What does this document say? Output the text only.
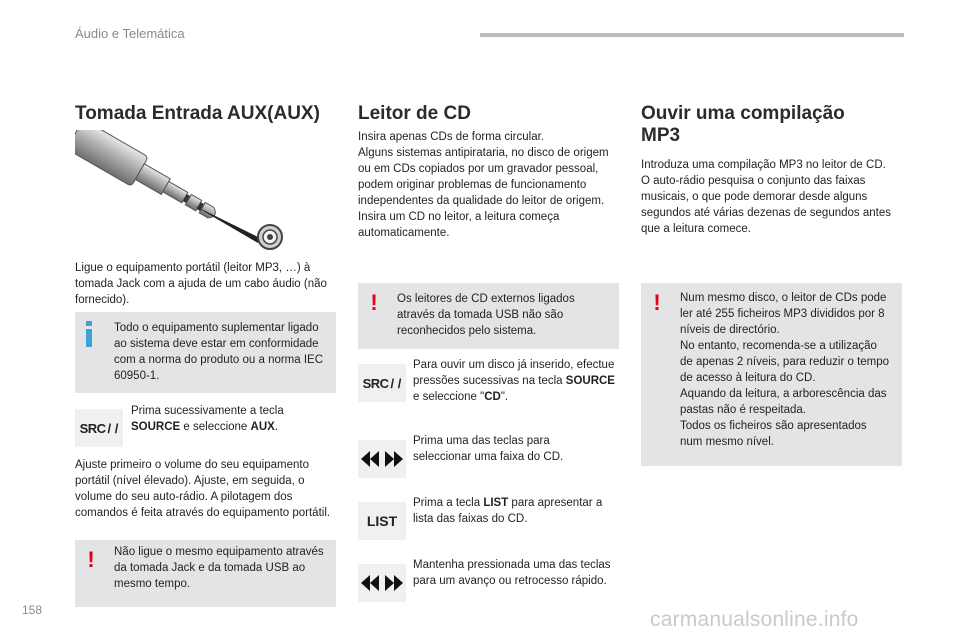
Áudio e Telemática
Tomada Entrada AUX(AUX)
Ligue o equipamento portátil (leitor MP3, …) à tomada Jack com a ajuda de um cabo áudio (não fornecido).
Todo o equipamento suplementar ligado ao sistema deve estar em conformidade com a norma do produto ou a norma IEC 60950-1.
SRC / /
Prima sucessivamente a tecla SOURCE e seleccione AUX.
Ajuste primeiro o volume do seu equipamento portátil (nível élevado). Ajuste, em seguida, o volume do seu auto-rádio. A pilotagem dos comandos é feita através do equipamento portátil.
! Não ligue o mesmo equipamento através da tomada Jack e da tomada USB ao mesmo tempo.
Leitor de CD
Insira apenas CDs de forma circular.
Alguns sistemas antipirataria, no disco de origem ou em CDs copiados por um gravador pessoal, podem originar problemas de funcionamento independentes da qualidade do leitor de origem.
Insira um CD no leitor, a leitura começa automaticamente.
! Os leitores de CD externos ligados através da tomada USB não são reconhecidos pelo sistema.
SRC / /
Para ouvir um disco já inserido, efectue pressões sucessivas na tecla SOURCE e seleccione "CD".
Prima uma das teclas para seleccionar uma faixa do CD.
LIST
Prima a tecla LIST para apresentar a lista das faixas do CD.
Mantenha pressionada uma das teclas para um avanço ou retrocesso rápido.
Ouvir uma compilação
MP3
Introduza uma compilação MP3 no leitor de CD.
O auto-rádio pesquisa o conjunto das faixas musicais, o que pode demorar desde alguns segundos até várias dezenas de segundos antes que a leitura comece.
! Num mesmo disco, o leitor de CDs pode ler até 255 ficheiros MP3 divididos por 8 níveis de directório.
No entanto, recomenda-se a utilização de apenas 2 níveis, para reduzir o tempo de acesso à leitura do CD.
Aquando da leitura, a arborescência das pastas não é respeitada.
Todos os ficheiros são apresentados num mesmo nível.
158	carmanualsonline.info
